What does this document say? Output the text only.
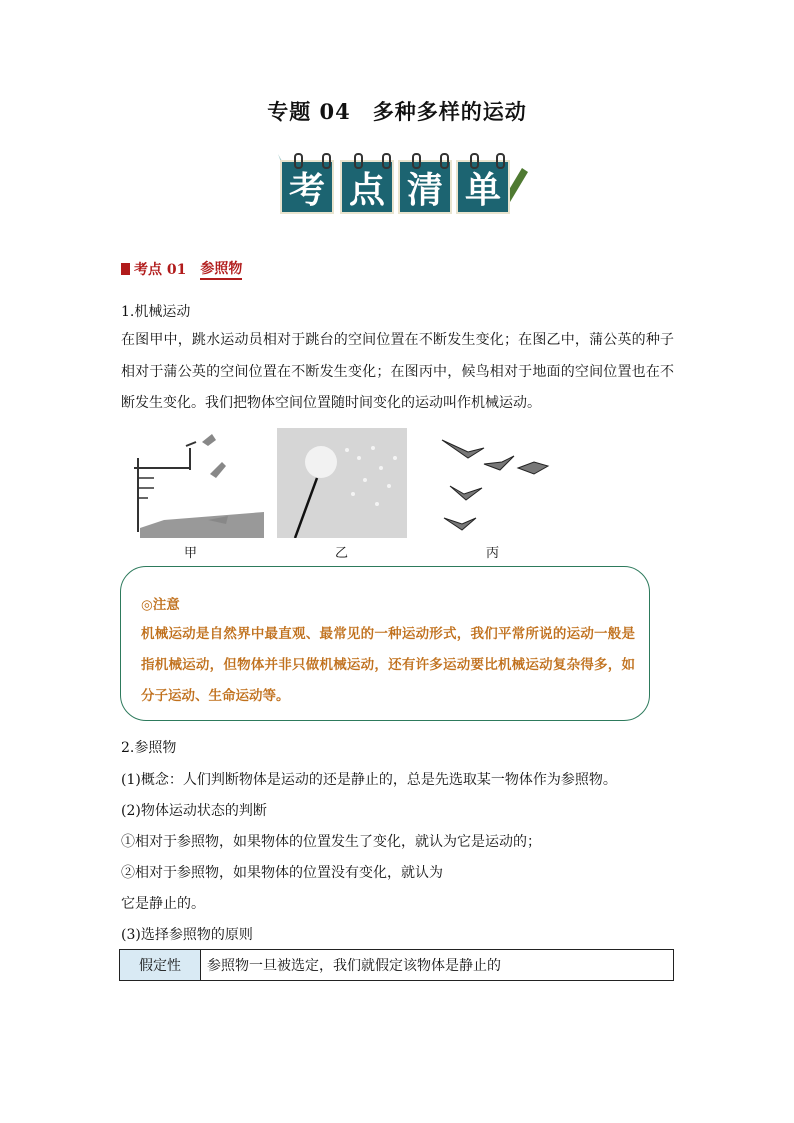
专题 04　多种多样的运动
考 点 清 单
考点 01 参照物
1.机械运动
在图甲中，跳水运动员相对于跳台的空间位置在不断发生变化；在图乙中，蒲公英的种子相对于蒲公英的空间位置在不断发生变化；在图丙中，候鸟相对于地面的空间位置也在不断发生变化。我们把物体空间位置随时间变化的运动叫作机械运动。
甲	乙	丙
◎注意
机械运动是自然界中最直观、最常见的一种运动形式，我们平常所说的运动一般是指机械运动，但物体并非只做机械运动，还有许多运动要比机械运动复杂得多，如分子运动、生命运动等。
2.参照物
(1)概念：人们判断物体是运动的还是静止的，总是先选取某一物体作为参照物。
(2)物体运动状态的判断
①相对于参照物，如果物体的位置发生了变化，就认为它是运动的；
②相对于参照物，如果物体的位置没有变化，就认为
它是静止的。
(3)选择参照物的原则
假定性	参照物一旦被选定，我们就假定该物体是静止的
